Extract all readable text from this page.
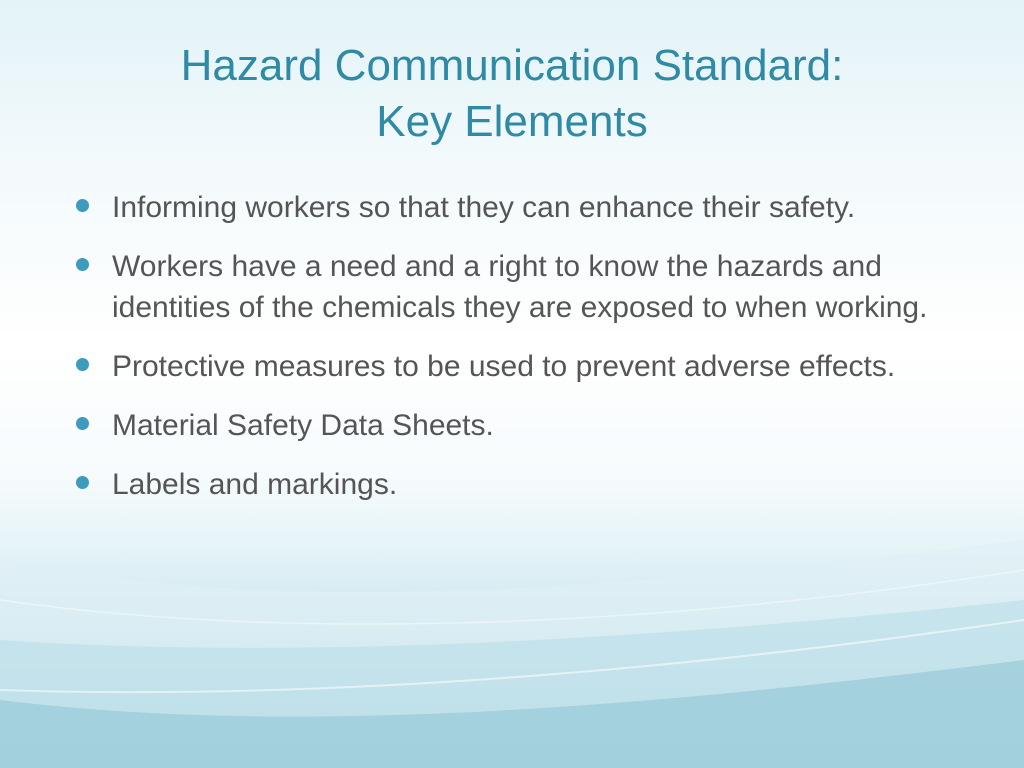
Hazard Communication Standard:
Key Elements
Informing workers so that they can enhance their safety.
Workers have a need and a right to know the hazards and identities of the chemicals they are exposed to when working.
Protective measures to be used to prevent adverse effects.
Material Safety Data Sheets.
Labels and markings.
